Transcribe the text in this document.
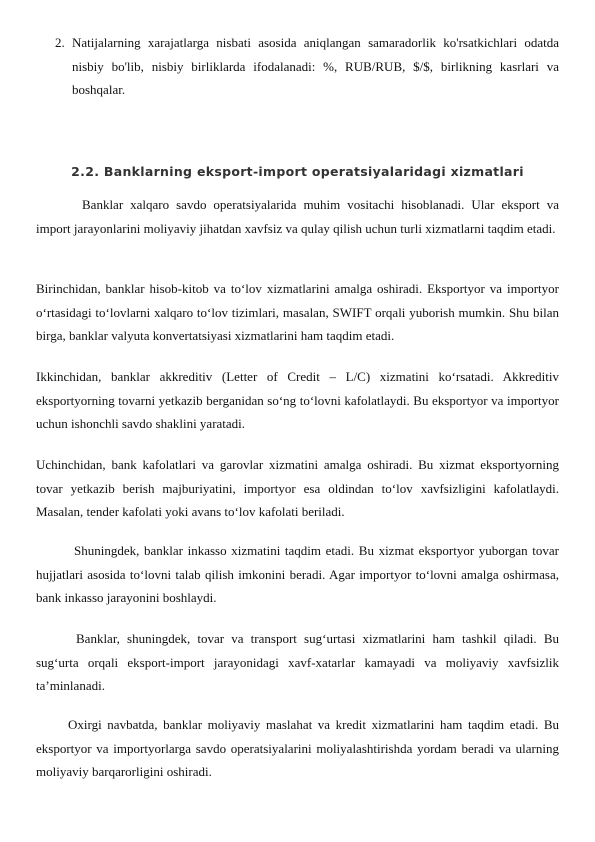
2. Natijalarning xarajatlarga nisbati asosida aniqlangan samaradorlik ko'rsatkichlari odatda nisbiy bo'lib, nisbiy birliklarda ifodalanadi: %, RUB/RUB, $/$, birlikning kasrlari va boshqalar.
2.2. Banklarning eksport-import operatsiyalaridagi xizmatlari

Banklar xalqaro savdo operatsiyalarida muhim vositachi hisoblanadi. Ular eksport va import jarayonlarini moliyaviy jihatdan xavfsiz va qulay qilish uchun turli xizmatlarni taqdim etadi.

Birinchidan, banklar hisob-kitob va to‘lov xizmatlarini amalga oshiradi. Eksportyor va importyor o‘rtasidagi to‘lovlarni xalqaro to‘lov tizimlari, masalan, SWIFT orqali yuborish mumkin. Shu bilan birga, banklar valyuta konvertatsiyasi xizmatlarini ham taqdim etadi.

Ikkinchidan, banklar akkreditiv (Letter of Credit – L/C) xizmatini ko‘rsatadi. Akkreditiv eksportyorning tovarni yetkazib berganidan so‘ng to‘lovni kafolatlaydi. Bu eksportyor va importyor uchun ishonchli savdo shaklini yaratadi.

Uchinchidan, bank kafolatlari va garovlar xizmatini amalga oshiradi. Bu xizmat eksportyorning tovar yetkazib berish majburiyatini, importyor esa oldindan to‘lov xavfsizligini kafolatlaydi. Masalan, tender kafolati yoki avans to‘lov kafolati beriladi.

Shuningdek, banklar inkasso xizmatini taqdim etadi. Bu xizmat eksportyor yuborgan tovar hujjatlari asosida to‘lovni talab qilish imkonini beradi. Agar importyor to‘lovni amalga oshirmasa, bank inkasso jarayonini boshlaydi.

Banklar, shuningdek, tovar va transport sug‘urtasi xizmatlarini ham tashkil qiladi. Bu sug‘urta orqali eksport-import jarayonidagi xavf-xatarlar kamayadi va moliyaviy xavfsizlik ta’minlanadi.

Oxirgi navbatda, banklar moliyaviy maslahat va kredit xizmatlarini ham taqdim etadi. Bu eksportyor va importyorlarga savdo operatsiyalarini moliyalashtirishda yordam beradi va ularning moliyaviy barqarorligini oshiradi.
